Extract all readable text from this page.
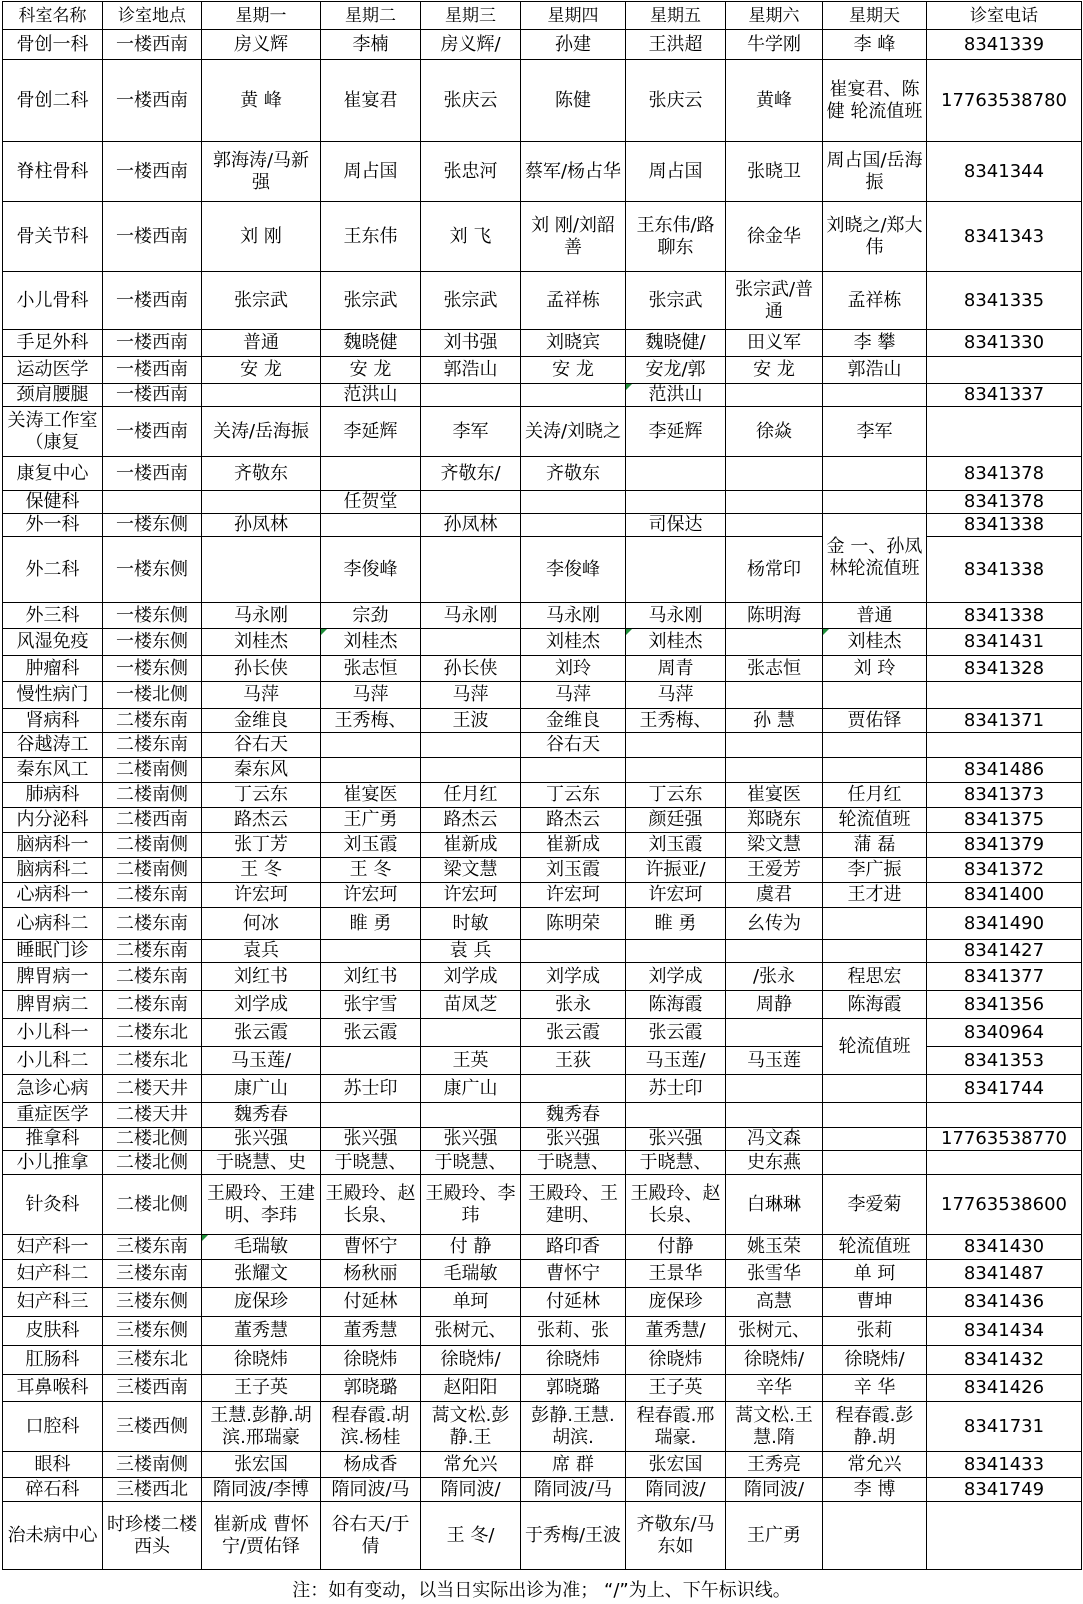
科室名称	诊室地点	星期一	星期二	星期三	星期四	星期五	星期六	星期天	诊室电话
骨创一科	一楼西南	房义辉	李楠	房义辉/	孙建	王洪超	牛学刚	李 峰	8341339
骨创二科	一楼西南	黄 峰	崔宴君	张庆云	陈健	张庆云	黄峰	崔宴君、陈健 轮流值班	17763538780
脊柱骨科	一楼西南	郭海涛/马新强	周占国	张忠河	蔡军/杨占华	周占国	张晓卫	周占国/岳海振	8341344
骨关节科	一楼西南	刘 刚	王东伟	刘 飞	刘 刚/刘韶善	王东伟/路聊东	徐金华	刘晓之/郑大伟	8341343
小儿骨科	一楼西南	张宗武	张宗武	张宗武	孟祥栋	张宗武	张宗武/普通	孟祥栋	8341335
手足外科	一楼西南	普通	魏晓健	刘书强	刘晓宾	魏晓健/	田义军	李 攀	8341330
运动医学	一楼西南	安 龙	安 龙	郭浩山	安 龙	安龙/郭	安 龙	郭浩山	
颈肩腰腿	一楼西南		范洪山			范洪山			8341337
关涛工作室（康复	一楼西南	关涛/岳海振	李延辉	李军	关涛/刘晓之	李延辉	徐焱	李军	
康复中心	一楼西南	齐敬东		齐敬东/	齐敬东				8341378
保健科			任贺堂						8341378
外一科	一楼东侧	孙凤林		孙凤林		司保达		金 一、孙凤林轮流值班	8341338
外二科	一楼东侧		李俊峰		李俊峰		杨常印		8341338
外三科	一楼东侧	马永刚	宗劲	马永刚	马永刚	马永刚	陈明海	普通	8341338
风湿免疫	一楼东侧	刘桂杰	刘桂杰		刘桂杰	刘桂杰		刘桂杰	8341431
肿瘤科	一楼东侧	孙长侠	张志恒	孙长侠	刘玲	周青	张志恒	刘 玲	8341328
慢性病门	一楼北侧	马萍	马萍	马萍	马萍	马萍			
肾病科	二楼东南	金维良	王秀梅、	王波	金维良	王秀梅、	孙 慧	贾佑铎	8341371
谷越涛工	二楼东南	谷右天			谷右天				
秦东风工	二楼南侧	秦东风							8341486
肺病科	二楼南侧	丁云东	崔宴医	任月红	丁云东	丁云东	崔宴医	任月红	8341373
内分泌科	二楼西南	路杰云	王广勇	路杰云	路杰云	颜廷强	郑晓东	轮流值班	8341375
脑病科一	二楼南侧	张丁芳	刘玉霞	崔新成	崔新成	刘玉霞	梁文慧	蒲 磊	8341379
脑病科二	二楼南侧	王 冬	王 冬	梁文慧	刘玉霞	许振亚/	王爱芳	李广振	8341372
心病科一	二楼东南	许宏珂	许宏珂	许宏珂	许宏珂	许宏珂	虞君	王才进	8341400
心病科二	二楼东南	何冰	睢 勇	时敏	陈明荣	睢 勇	幺传为		8341490
睡眠门诊	二楼东南	袁兵		袁 兵					8341427
脾胃病一	二楼东南	刘红书	刘红书	刘学成	刘学成	刘学成	/张永	程思宏	8341377
脾胃病二	二楼东南	刘学成	张宇雪	苗凤芝	张永	陈海霞	周静	陈海霞	8341356
小儿科一	二楼东北	张云霞	张云霞		张云霞	张云霞		轮流值班	8340964
小儿科二	二楼东北	马玉莲/		王英	王荻	马玉莲/	马玉莲		8341353
急诊心病	二楼天井	康广山	苏士印	康广山		苏士印			8341744
重症医学	二楼天井	魏秀春			魏秀春				
推拿科	二楼北侧	张兴强	张兴强	张兴强	张兴强	张兴强	冯文森		17763538770
小儿推拿	二楼北侧	于晓慧、史	于晓慧、	于晓慧、	于晓慧、	于晓慧、	史东燕		
针灸科	二楼北侧	王殿玲、王建明、李玮	王殿玲、赵长泉、	王殿玲、李玮	王殿玲、王建明、	王殿玲、赵长泉、	白琳琳	李爱菊	17763538600
妇产科一	三楼东南	毛瑞敏	曹怀宁	付 静	路印香	付静	姚玉荣	轮流值班	8341430
妇产科二	三楼东南	张耀文	杨秋丽	毛瑞敏	曹怀宁	王景华	张雪华	单 珂	8341487
妇产科三	三楼东侧	庞保珍	付延林	单珂	付延林	庞保珍	高慧	曹坤	8341436
皮肤科	三楼东侧	董秀慧	董秀慧	张树元、	张莉、张	董秀慧/	张树元、	张莉	8341434
肛肠科	三楼东北	徐晓炜	徐晓炜	徐晓炜/	徐晓炜	徐晓炜	徐晓炜/	徐晓炜/	8341432
耳鼻喉科	三楼西南	王子英	郭晓璐	赵阳阳	郭晓璐	王子英	辛华	辛 华	8341426
口腔科	三楼西侧	王慧.彭静.胡滨.邢瑞豪	程春霞.胡滨.杨桂	蒿文松.彭静.王	彭静.王慧.胡滨.	程春霞.邢瑞豪.	蒿文松.王慧.隋	程春霞.彭静.胡	8341731
眼科	三楼南侧	张宏国	杨成香	常允兴	席 群	张宏国	王秀亮	常允兴	8341433
碎石科	三楼西北	隋同波/李博	隋同波/马	隋同波/	隋同波/马	隋同波/	隋同波/	李 博	8341749
治未病中心	时珍楼二楼西头	崔新成 曹怀宁/贾佑铎	谷右天/于倩	王 冬/	于秀梅/王波	齐敬东/马东如	王广勇		
注：如有变动，以当日实际出诊为准； “/”为上、下午标识线。
